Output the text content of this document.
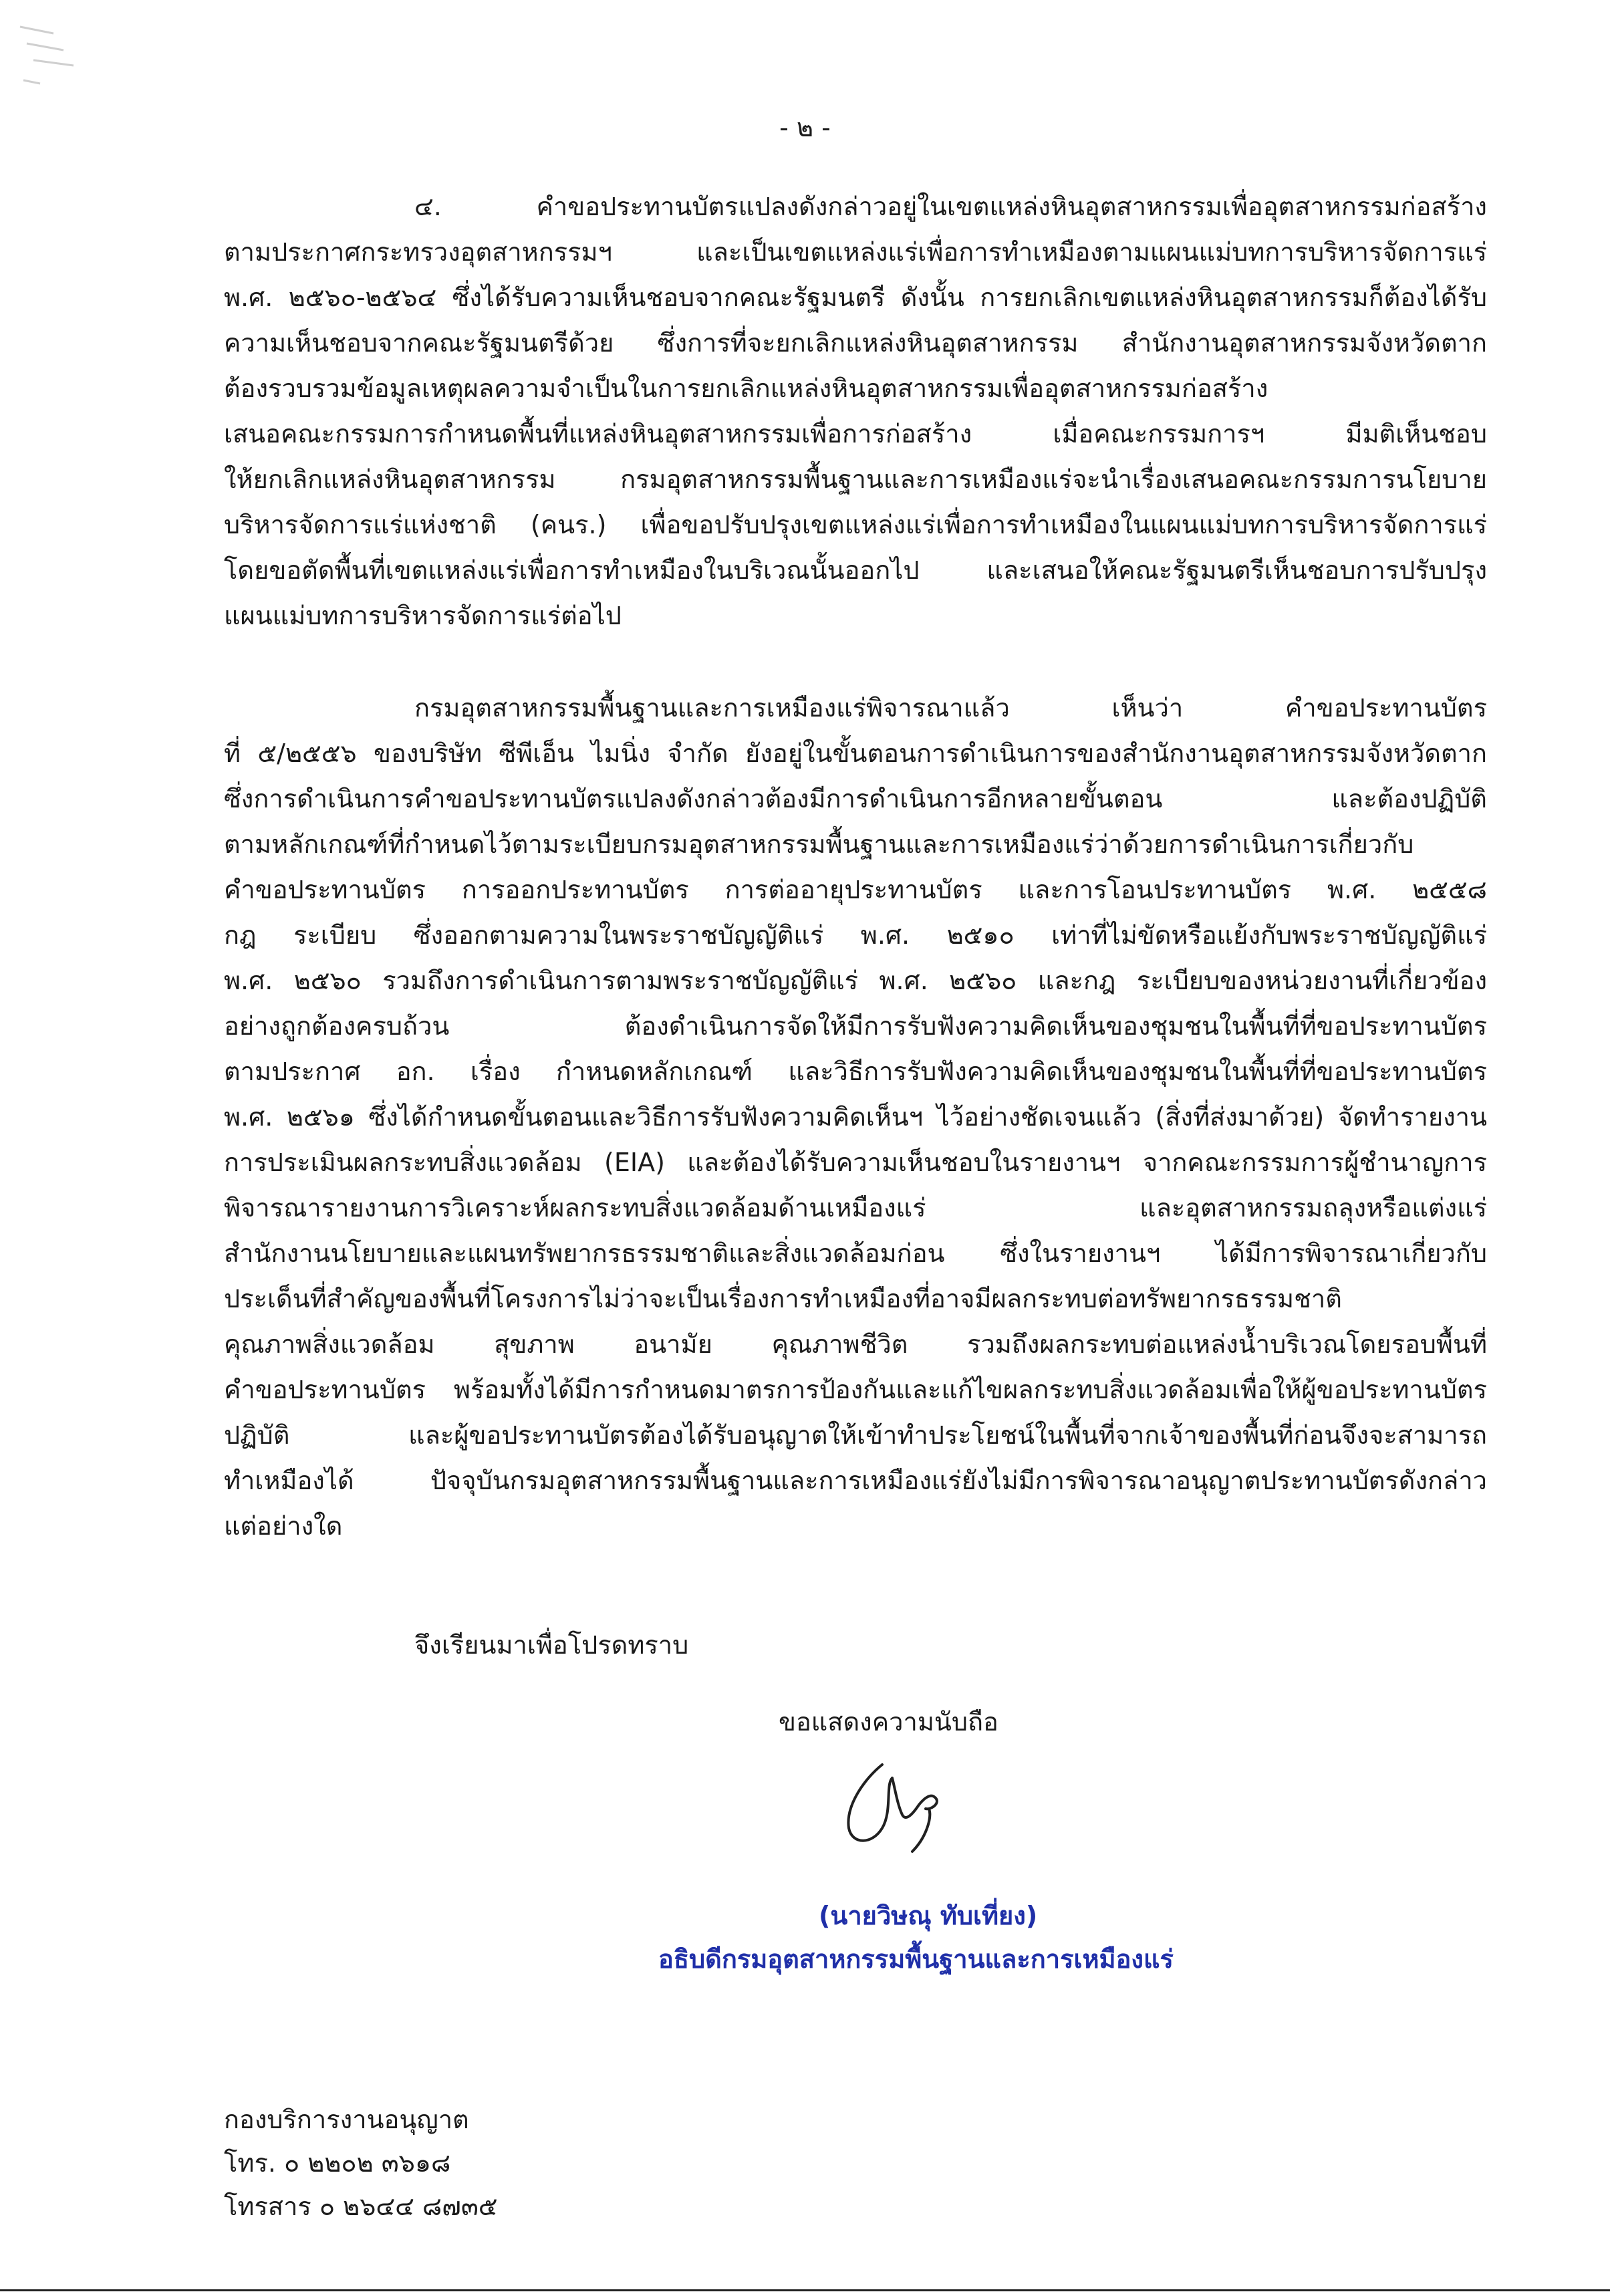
- ๒ -
๔. คำขอประทานบัตรแปลงดังกล่าวอยู่ในเขตแหล่งหินอุตสาหกรรมเพื่ออุตสาหกรรมก่อสร้าง
ตามประกาศกระทรวงอุตสาหกรรมฯ และเป็นเขตแหล่งแร่เพื่อการทำเหมืองตามแผนแม่บทการบริหารจัดการแร่
พ.ศ. ๒๕๖๐-๒๕๖๔ ซึ่งได้รับความเห็นชอบจากคณะรัฐมนตรี ดังนั้น การยกเลิกเขตแหล่งหินอุตสาหกรรมก็ต้องได้รับ
ความเห็นชอบจากคณะรัฐมนตรีด้วย ซึ่งการที่จะยกเลิกแหล่งหินอุตสาหกรรม สำนักงานอุตสาหกรรมจังหวัดตาก
ต้องรวบรวมข้อมูลเหตุผลความจำเป็นในการยกเลิกแหล่งหินอุตสาหกรรมเพื่ออุตสาหกรรมก่อสร้าง
เสนอคณะกรรมการกำหนดพื้นที่แหล่งหินอุตสาหกรรมเพื่อการก่อสร้าง เมื่อคณะกรรมการฯ มีมติเห็นชอบ
ให้ยกเลิกแหล่งหินอุตสาหกรรม กรมอุตสาหกรรมพื้นฐานและการเหมืองแร่จะนำเรื่องเสนอคณะกรรมการนโยบาย
บริหารจัดการแร่แห่งชาติ (คนร.) เพื่อขอปรับปรุงเขตแหล่งแร่เพื่อการทำเหมืองในแผนแม่บทการบริหารจัดการแร่
โดยขอตัดพื้นที่เขตแหล่งแร่เพื่อการทำเหมืองในบริเวณนั้นออกไป และเสนอให้คณะรัฐมนตรีเห็นชอบการปรับปรุง
แผนแม่บทการบริหารจัดการแร่ต่อไป
กรมอุตสาหกรรมพื้นฐานและการเหมืองแร่พิจารณาแล้ว เห็นว่า คำขอประทานบัตร
ที่ ๕/๒๕๕๖ ของบริษัท ซีพีเอ็น ไมนิ่ง จำกัด ยังอยู่ในขั้นตอนการดำเนินการของสำนักงานอุตสาหกรรมจังหวัดตาก
ซึ่งการดำเนินการคำขอประทานบัตรแปลงดังกล่าวต้องมีการดำเนินการอีกหลายขั้นตอน และต้องปฏิบัติ
ตามหลักเกณฑ์ที่กำหนดไว้ตามระเบียบกรมอุตสาหกรรมพื้นฐานและการเหมืองแร่ว่าด้วยการดำเนินการเกี่ยวกับ
คำขอประทานบัตร การออกประทานบัตร การต่ออายุประทานบัตร และการโอนประทานบัตร พ.ศ. ๒๕๕๘
กฎ ระเบียบ ซึ่งออกตามความในพระราชบัญญัติแร่ พ.ศ. ๒๕๑๐ เท่าที่ไม่ขัดหรือแย้งกับพระราชบัญญัติแร่
พ.ศ. ๒๕๖๐ รวมถึงการดำเนินการตามพระราชบัญญัติแร่ พ.ศ. ๒๕๖๐ และกฎ ระเบียบของหน่วยงานที่เกี่ยวข้อง
อย่างถูกต้องครบถ้วน ต้องดำเนินการจัดให้มีการรับฟังความคิดเห็นของชุมชนในพื้นที่ที่ขอประทานบัตร
ตามประกาศ อก. เรื่อง กำหนดหลักเกณฑ์ และวิธีการรับฟังความคิดเห็นของชุมชนในพื้นที่ที่ขอประทานบัตร
พ.ศ. ๒๕๖๑ ซึ่งได้กำหนดขั้นตอนและวิธีการรับฟังความคิดเห็นฯ ไว้อย่างชัดเจนแล้ว (สิ่งที่ส่งมาด้วย) จัดทำรายงาน
การประเมินผลกระทบสิ่งแวดล้อม (EIA) และต้องได้รับความเห็นชอบในรายงานฯ จากคณะกรรมการผู้ชำนาญการ
พิจารณารายงานการวิเคราะห์ผลกระทบสิ่งแวดล้อมด้านเหมืองแร่ และอุตสาหกรรมถลุงหรือแต่งแร่
สำนักงานนโยบายและแผนทรัพยากรธรรมชาติและสิ่งแวดล้อมก่อน ซึ่งในรายงานฯ ได้มีการพิจารณาเกี่ยวกับ
ประเด็นที่สำคัญของพื้นที่โครงการไม่ว่าจะเป็นเรื่องการทำเหมืองที่อาจมีผลกระทบต่อทรัพยากรธรรมชาติ
คุณภาพสิ่งแวดล้อม สุขภาพ อนามัย คุณภาพชีวิต รวมถึงผลกระทบต่อแหล่งน้ำบริเวณโดยรอบพื้นที่
คำขอประทานบัตร พร้อมทั้งได้มีการกำหนดมาตรการป้องกันและแก้ไขผลกระทบสิ่งแวดล้อมเพื่อให้ผู้ขอประทานบัตร
ปฏิบัติ และผู้ขอประทานบัตรต้องได้รับอนุญาตให้เข้าทำประโยชน์ในพื้นที่จากเจ้าของพื้นที่ก่อนจึงจะสามารถ
ทำเหมืองได้ ปัจจุบันกรมอุตสาหกรรมพื้นฐานและการเหมืองแร่ยังไม่มีการพิจารณาอนุญาตประทานบัตรดังกล่าว
แต่อย่างใด
จึงเรียนมาเพื่อโปรดทราบ
ขอแสดงความนับถือ
(นายวิษณุ ทับเที่ยง)
อธิบดีกรมอุตสาหกรรมพื้นฐานและการเหมืองแร่
กองบริการงานอนุญาต
โทร. ๐ ๒๒๐๒ ๓๖๑๘
โทรสาร ๐ ๒๖๔๔ ๘๗๓๕
